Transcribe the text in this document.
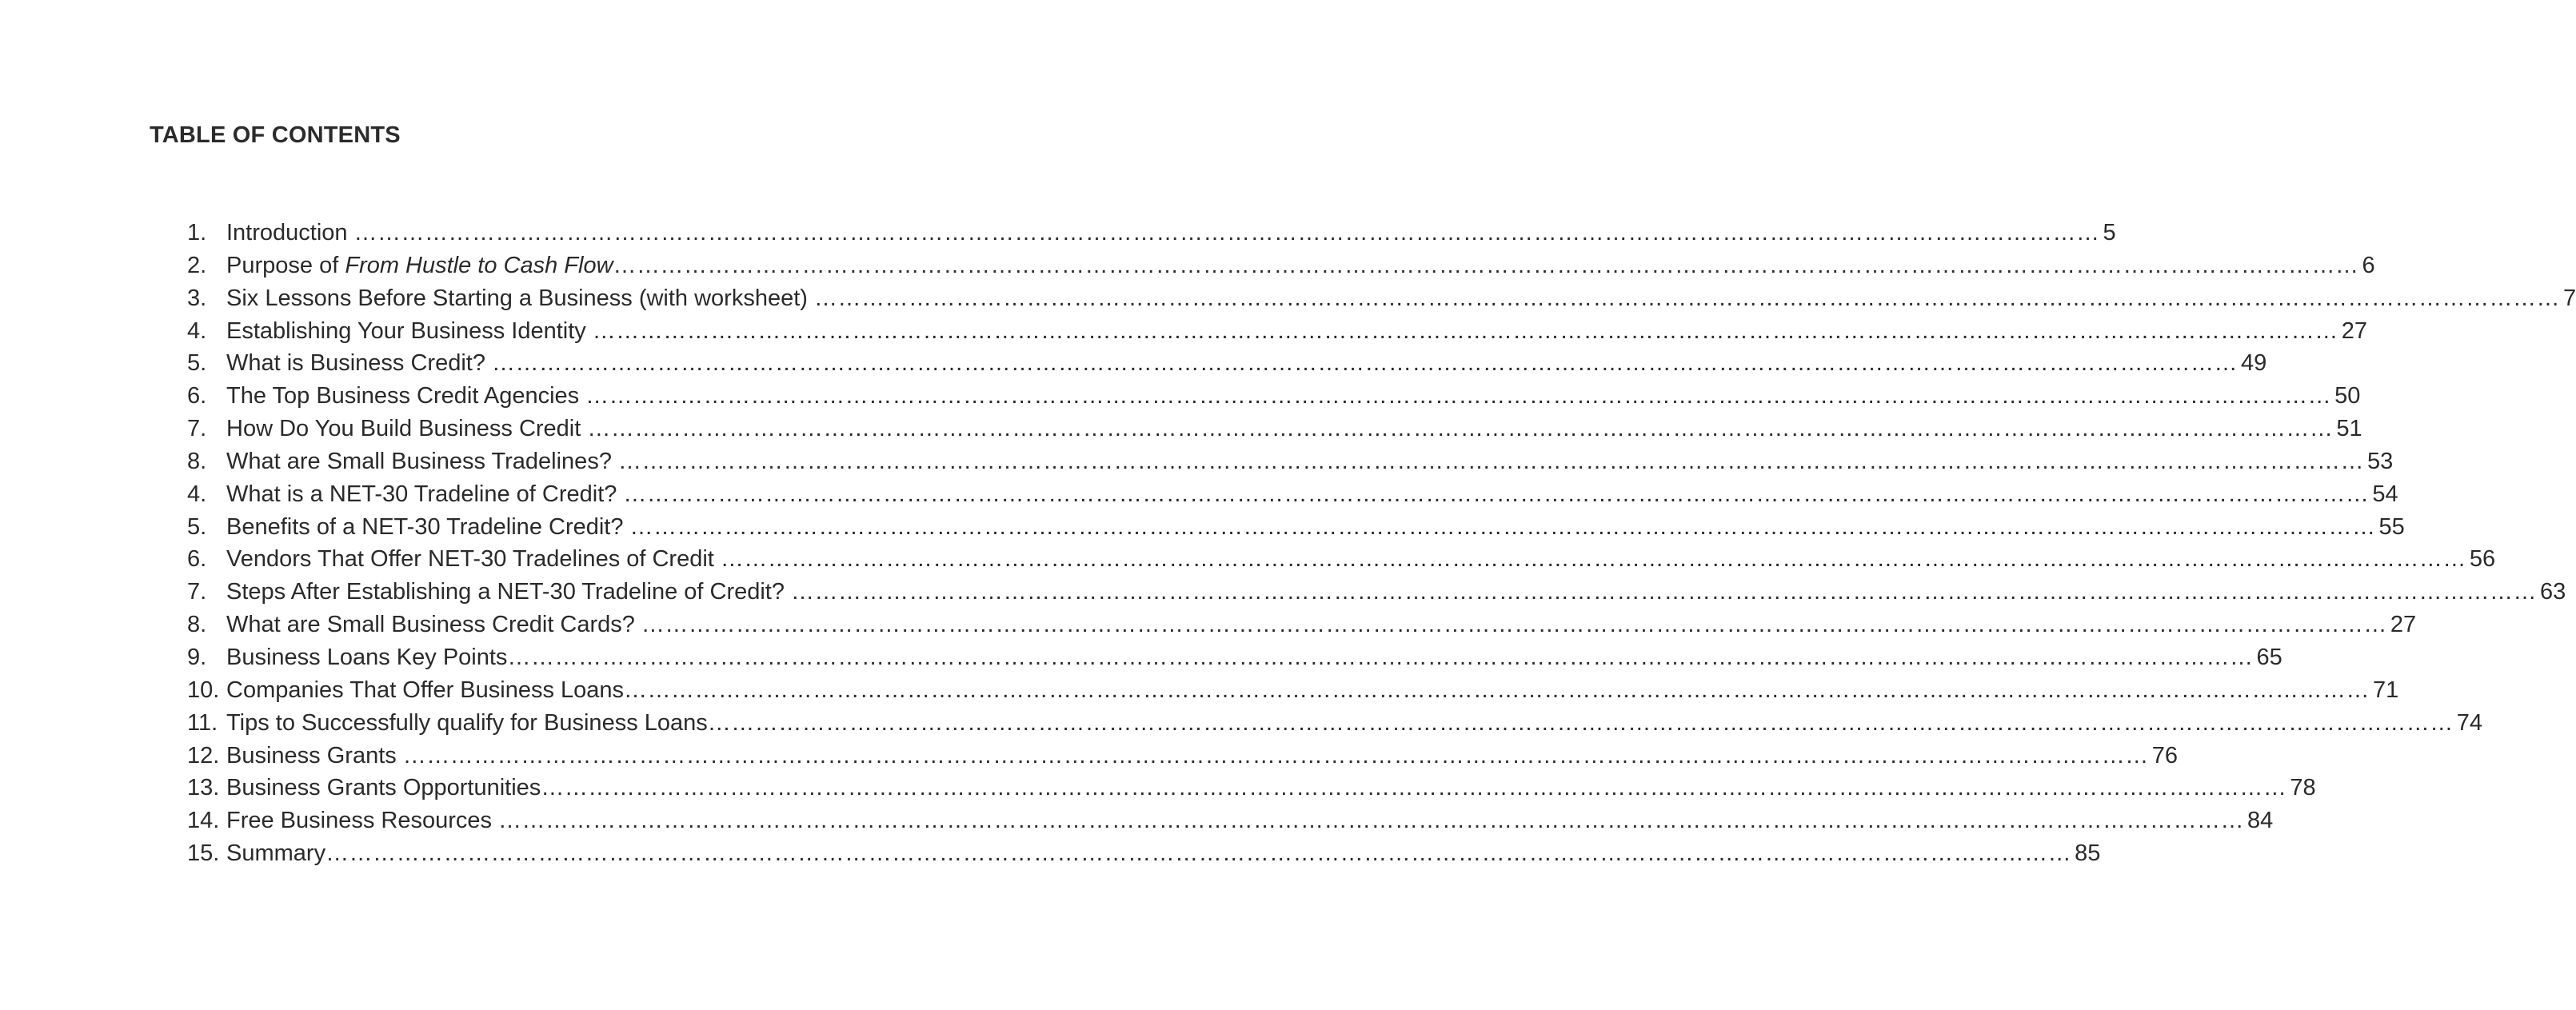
TABLE OF CONTENTS
1. Introduction …………………………………………………………………………………………………………………………………………………………………………………………………… 5
2. Purpose of From Hustle to Cash Flow …………………………………………………………………………………………………………………………………………………………………………………………………… 6
3. Six Lessons Before Starting a Business (with worksheet) …………………………………………………………………………………………………………………………………………………………………………………………………… 7
4. Establishing Your Business Identity …………………………………………………………………………………………………………………………………………………………………………………………………… 27
5. What is Business Credit? …………………………………………………………………………………………………………………………………………………………………………………………………… 49
6. The Top Business Credit Agencies …………………………………………………………………………………………………………………………………………………………………………………………………… 50
7. How Do You Build Business Credit …………………………………………………………………………………………………………………………………………………………………………………………………… 51
8. What are Small Business Tradelines? …………………………………………………………………………………………………………………………………………………………………………………………………… 53
4. What is a NET-30 Tradeline of Credit? …………………………………………………………………………………………………………………………………………………………………………………………………… 54
5. Benefits of a NET-30 Tradeline Credit? …………………………………………………………………………………………………………………………………………………………………………………………………… 55
6. Vendors That Offer NET-30 Tradelines of Credit …………………………………………………………………………………………………………………………………………………………………………………………………… 56
7. Steps After Establishing a NET-30 Tradeline of Credit? …………………………………………………………………………………………………………………………………………………………………………………………………… 63
8. What are Small Business Credit Cards? …………………………………………………………………………………………………………………………………………………………………………………………………… 27
9. Business Loans Key Points …………………………………………………………………………………………………………………………………………………………………………………………………… 65
10. Companies That Offer Business Loans …………………………………………………………………………………………………………………………………………………………………………………………………… 71
11. Tips to Successfully qualify for Business Loans …………………………………………………………………………………………………………………………………………………………………………………………………… 74
12. Business Grants …………………………………………………………………………………………………………………………………………………………………………………………………… 76
13. Business Grants Opportunities …………………………………………………………………………………………………………………………………………………………………………………………………… 78
14. Free Business Resources …………………………………………………………………………………………………………………………………………………………………………………………………… 84
15. Summary …………………………………………………………………………………………………………………………………………………………………………………………………… 85
